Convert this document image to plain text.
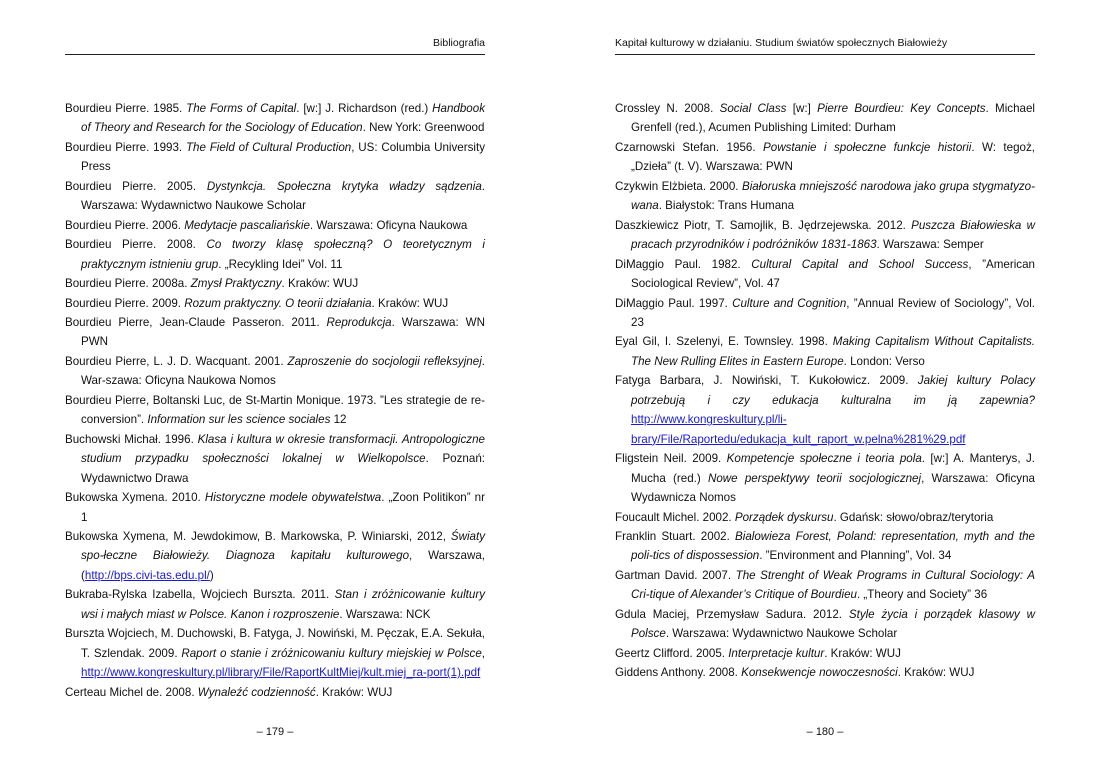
Bibliografia

Bourdieu Pierre. 1985. The Forms of Capital. [w:] J. Richardson (red.) Handbook of Theory and Research for the Sociology of Education. New York: Greenwood

Bourdieu Pierre. 1993. The Field of Cultural Production, US: Columbia University Press

Bourdieu Pierre. 2005. Dystynkcja. Społeczna krytyka władzy sądzenia. Warszawa: Wydawnictwo Naukowe Scholar

Bourdieu Pierre. 2006. Medytacje pascaliańskie. Warszawa: Oficyna Naukowa

Bourdieu Pierre. 2008. Co tworzy klasę społeczną? O teoretycznym i praktycznym istnieniu grup. „Recykling Idei” Vol. 11

Bourdieu Pierre. 2008a. Zmysł Praktyczny. Kraków: WUJ

Bourdieu Pierre. 2009. Rozum praktyczny. O teorii działania. Kraków: WUJ

Bourdieu Pierre, Jean-Claude Passeron. 2011. Reprodukcja. Warszawa: WN PWN

Bourdieu Pierre, L. J. D. Wacquant. 2001. Zaproszenie do socjologii refleksyjnej. War-szawa: Oficyna Naukowa Nomos

Bourdieu Pierre, Boltanski Luc, de St-Martin Monique. 1973. ”Les strategie de re-conversion”. Information sur les science sociales 12

Buchowski Michał. 1996. Klasa i kultura w okresie transformacji. Antropologiczne studium przypadku społeczności lokalnej w Wielkopolsce. Poznań: Wydawnictwo Drawa

Bukowska Xymena. 2010. Historyczne modele obywatelstwa. „Zoon Politikon” nr 1

Bukowska Xymena, M. Jewdokimow, B. Markowska, P. Winiarski, 2012, Światy spo-łeczne Białowieży. Diagnoza kapitału kulturowego, Warszawa, (http://bps.civi-tas.edu.pl/)

Bukraba-Rylska Izabella, Wojciech Burszta. 2011. Stan i zróżnicowanie kultury wsi i małych miast w Polsce. Kanon i rozproszenie. Warszawa: NCK

Burszta Wojciech, M. Duchowski, B. Fatyga, J. Nowiński, M. Pęczak, E.A. Sekuła, T. Szlendak. 2009. Raport o stanie i zróżnicowaniu kultury miejskiej w Polsce, http://www.kongreskultury.pl/library/File/RaportKultMiej/kult.miej_ra-port(1).pdf

Certeau Michel de. 2008. Wynaleźć codzienność. Kraków: WUJ

– 179 –
Kapitał kulturowy w działaniu. Studium światów społecznych Białowieży

Crossley N. 2008. Social Class [w:] Pierre Bourdieu: Key Concepts. Michael Grenfell (red.), Acumen Publishing Limited: Durham

Czarnowski Stefan. 1956. Powstanie i społeczne funkcje historii. W: tegoż, „Dzieła” (t. V). Warszawa: PWN

Czykwin Elżbieta. 2000. Białoruska mniejszość narodowa jako grupa stygmatyzo-wana. Białystok: Trans Humana

Daszkiewicz Piotr, T. Samojlik, B. Jędrzejewska. 2012. Puszcza Białowieska w pracach przyrodników i podróżników 1831-1863. Warszawa: Semper

DiMaggio Paul. 1982. Cultural Capital and School Success, ”American Sociological Review”, Vol. 47

DiMaggio Paul. 1997. Culture and Cognition, ”Annual Review of Sociology”, Vol. 23

Eyal Gil, I. Szelenyi, E. Townsley. 1998. Making Capitalism Without Capitalists. The New Rulling Elites in Eastern Europe. London: Verso

Fatyga Barbara, J. Nowiński, T. Kukołowicz. 2009. Jakiej kultury Polacy potrzebują i czy edukacja kulturalna im ją zapewnia? http://www.kongreskultury.pl/li-brary/File/Raportedu/edukacja_kult_raport_w.pelna%281%29.pdf

Fligstein Neil. 2009. Kompetencje społeczne i teoria pola. [w:] A. Manterys, J. Mucha (red.) Nowe perspektywy teorii socjologicznej, Warszawa: Oficyna Wydawnicza Nomos

Foucault Michel. 2002. Porządek dyskursu. Gdańsk: słowo/obraz/terytoria

Franklin Stuart. 2002. Bialowieza Forest, Poland: representation, myth and the poli-tics of dispossession. ”Environment and Planning”, Vol. 34

Gartman David. 2007. The Strenght of Weak Programs in Cultural Sociology: A Cri-tique of Alexander’s Critique of Bourdieu. „Theory and Society” 36

Gdula Maciej, Przemysław Sadura. 2012. Style życia i porządek klasowy w Polsce. Warszawa: Wydawnictwo Naukowe Scholar

Geertz Clifford. 2005. Interpretacje kultur. Kraków: WUJ

Giddens Anthony. 2008. Konsekwencje nowoczesności. Kraków: WUJ

– 180 –
